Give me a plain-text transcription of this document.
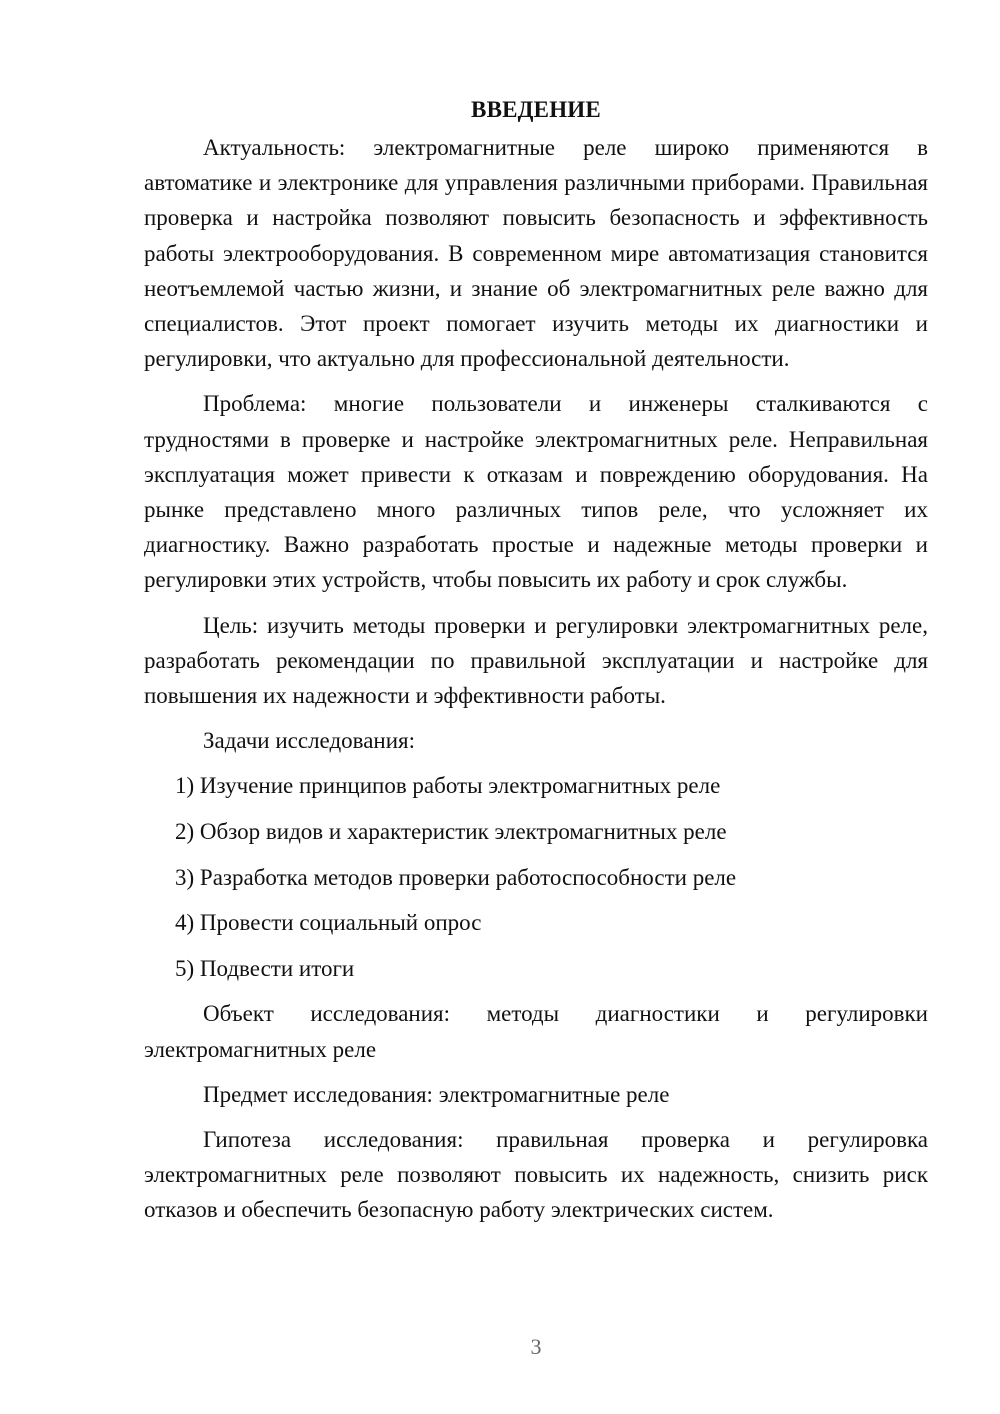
ВВЕДЕНИЕ

Актуальность: электромагнитные реле широко применяются в автоматике и электронике для управления различными приборами. Правильная проверка и настройка позволяют повысить безопасность и эффективность работы электрооборудования. В современном мире автоматизация становится неотъемлемой частью жизни, и знание об электромагнитных реле важно для специалистов. Этот проект помогает изучить методы их диагностики и регулировки, что актуально для профессиональной деятельности.

Проблема: многие пользователи и инженеры сталкиваются с трудностями в проверке и настройке электромагнитных реле. Неправильная эксплуатация может привести к отказам и повреждению оборудования. На рынке представлено много различных типов реле, что усложняет их диагностику. Важно разработать простые и надежные методы проверки и регулировки этих устройств, чтобы повысить их работу и срок службы.

Цель: изучить методы проверки и регулировки электромагнитных реле, разработать рекомендации по правильной эксплуатации и настройке для повышения их надежности и эффективности работы.

Задачи исследования:

1) Изучение принципов работы электромагнитных реле

2) Обзор видов и характеристик электромагнитных реле

3) Разработка методов проверки работоспособности реле

4) Провести социальный опрос

5) Подвести итоги

Объект исследования: методы диагностики и регулировки электромагнитных реле

Предмет исследования: электромагнитные реле

Гипотеза исследования: правильная проверка и регулировка электромагнитных реле позволяют повысить их надежность, снизить риск отказов и обеспечить безопасную работу электрических систем.

3
